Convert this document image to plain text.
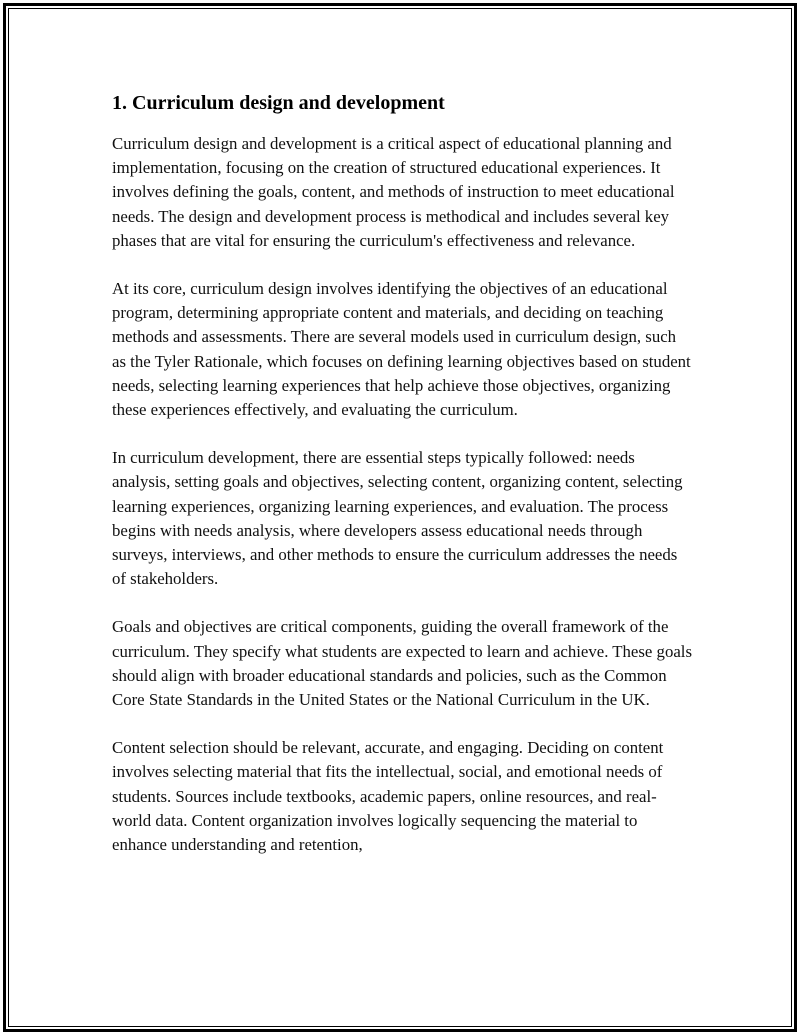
1. Curriculum design and development

Curriculum design and development is a critical aspect of educational planning and implementation, focusing on the creation of structured educational experiences. It involves defining the goals, content, and methods of instruction to meet educational needs. The design and development process is methodical and includes several key phases that are vital for ensuring the curriculum's effectiveness and relevance.

At its core, curriculum design involves identifying the objectives of an educational program, determining appropriate content and materials, and deciding on teaching methods and assessments. There are several models used in curriculum design, such as the Tyler Rationale, which focuses on defining learning objectives based on student needs, selecting learning experiences that help achieve those objectives, organizing these experiences effectively, and evaluating the curriculum.

In curriculum development, there are essential steps typically followed: needs analysis, setting goals and objectives, selecting content, organizing content, selecting learning experiences, organizing learning experiences, and evaluation. The process begins with needs analysis, where developers assess educational needs through surveys, interviews, and other methods to ensure the curriculum addresses the needs of stakeholders.

Goals and objectives are critical components, guiding the overall framework of the curriculum. They specify what students are expected to learn and achieve. These goals should align with broader educational standards and policies, such as the Common Core State Standards in the United States or the National Curriculum in the UK.

Content selection should be relevant, accurate, and engaging. Deciding on content involves selecting material that fits the intellectual, social, and emotional needs of students. Sources include textbooks, academic papers, online resources, and real-world data. Content organization involves logically sequencing the material to enhance understanding and retention,
